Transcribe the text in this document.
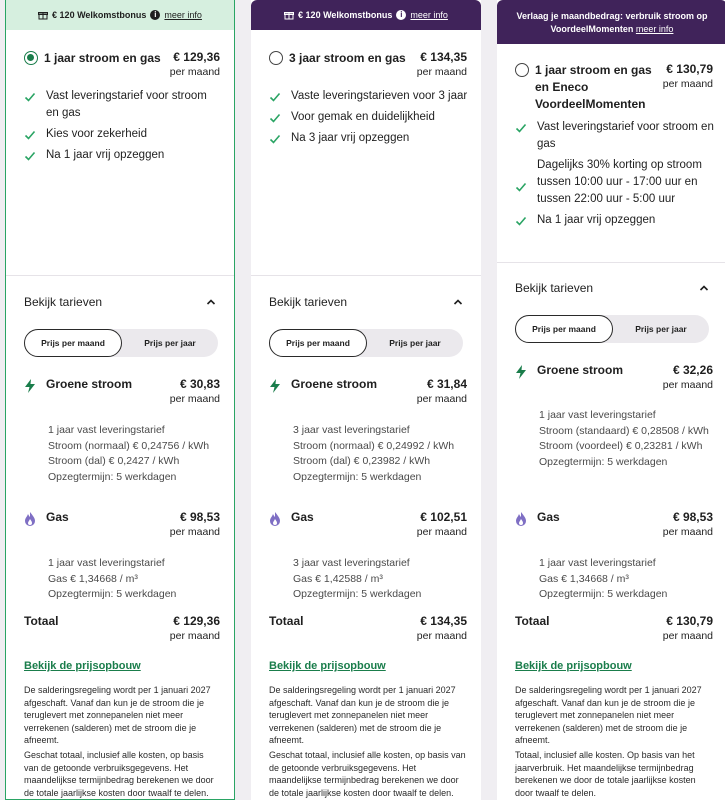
€ 120 Welkomstbonus i meer info
1 jaar stroom en gas	€ 129,36
per maand
Vast leveringstarief voor stroom en gas
Kies voor zekerheid
Na 1 jaar vrij opzeggen
Bekijk tarieven
Prijs per maand	Prijs per jaar
Groene stroom	€ 30,83
per maand
1 jaar vast leveringstarief
Stroom (normaal) € 0,24756 / kWh
Stroom (dal) € 0,2427 / kWh
Opzegtermijn: 5 werkdagen
Gas	€ 98,53
per maand
1 jaar vast leveringstarief
Gas € 1,34668 / m³
Opzegtermijn: 5 werkdagen
Totaal	€ 129,36
per maand
Bekijk de prijsopbouw
De salderingsregeling wordt per 1 januari 2027 afgeschaft. Vanaf dan kun je de stroom die je teruglevert met zonnepanelen niet meer verrekenen (salderen) met de stroom die je afneemt.
Geschat totaal, inclusief alle kosten, op basis van de getoonde verbruiksgegevens. Het maandelijkse termijnbedrag berekenen we door de totale jaarlijkse kosten door twaalf te delen.
€ 120 Welkomstbonus i meer info
3 jaar stroom en gas	€ 134,35
per maand
Vaste leveringstarieven voor 3 jaar
Voor gemak en duidelijkheid
Na 3 jaar vrij opzeggen
Bekijk tarieven
Prijs per maand	Prijs per jaar
Groene stroom	€ 31,84
per maand
3 jaar vast leveringstarief
Stroom (normaal) € 0,24992 / kWh
Stroom (dal) € 0,23982 / kWh
Opzegtermijn: 5 werkdagen
Gas	€ 102,51
per maand
3 jaar vast leveringstarief
Gas € 1,42588 / m³
Opzegtermijn: 5 werkdagen
Totaal	€ 134,35
per maand
Bekijk de prijsopbouw
De salderingsregeling wordt per 1 januari 2027 afgeschaft. Vanaf dan kun je de stroom die je teruglevert met zonnepanelen niet meer verrekenen (salderen) met de stroom die je afneemt.
Geschat totaal, inclusief alle kosten, op basis van de getoonde verbruiksgegevens. Het maandelijkse termijnbedrag berekenen we door de totale jaarlijkse kosten door twaalf te delen.
Verlaag je maandbedrag: verbruik stroom op
VoordeelMomenten meer info
1 jaar stroom en gas en Eneco VoordeelMomenten
€ 130,79
per maand
Vast leveringstarief voor stroom en gas
Dagelijks 30% korting op stroom tussen 10:00 uur - 17:00 uur en tussen 22:00 uur - 5:00 uur
Na 1 jaar vrij opzeggen
Bekijk tarieven
Prijs per maand	Prijs per jaar
Groene stroom	€ 32,26
per maand
1 jaar vast leveringstarief
Stroom (standaard) € 0,28508 / kWh
Stroom (voordeel) € 0,23281 / kWh
Opzegtermijn: 5 werkdagen
Gas	€ 98,53
per maand
1 jaar vast leveringstarief
Gas € 1,34668 / m³
Opzegtermijn: 5 werkdagen
Totaal	€ 130,79
per maand
Bekijk de prijsopbouw
De salderingsregeling wordt per 1 januari 2027 afgeschaft. Vanaf dan kun je de stroom die je teruglevert met zonnepanelen niet meer verrekenen (salderen) met de stroom die je afneemt.
Totaal, inclusief alle kosten. Op basis van het jaarverbruik. Het maandelijkse termijnbedrag berekenen we door de totale jaarlijkse kosten door twaalf te delen.
